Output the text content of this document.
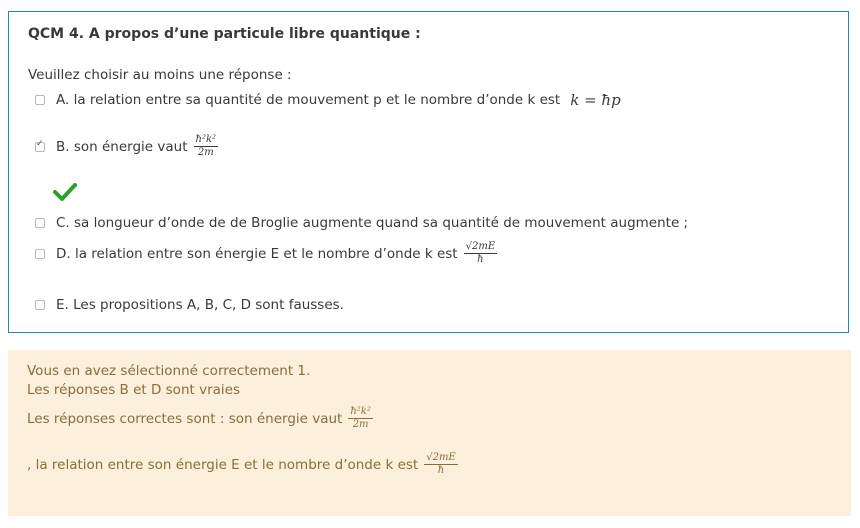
QCM 4. A propos d’une particule libre quantique :
Veuillez choisir au moins une réponse :
A. la relation entre sa quantité de mouvement p et le nombre d’onde k est k = ħp
✓
B. son énergie vaut $\frac{\text{ħ²k²}}{2m}$
C. sa longueur d’onde de de Broglie augmente quand sa quantité de mouvement augmente ;
D. la relation entre son énergie E et le nombre d’onde k est $\frac{√2mE}{ħ}$
E. Les propositions A, B, C, D sont fausses.
Vous en avez sélectionné correctement 1.
Les réponses B et D sont vraies
Les réponses correctes sont : son énergie vaut $\frac{\text{ħ²k²}}{2m}$
, la relation entre son énergie E et le nombre d’onde k est $\frac{√2mE}{ħ}$
